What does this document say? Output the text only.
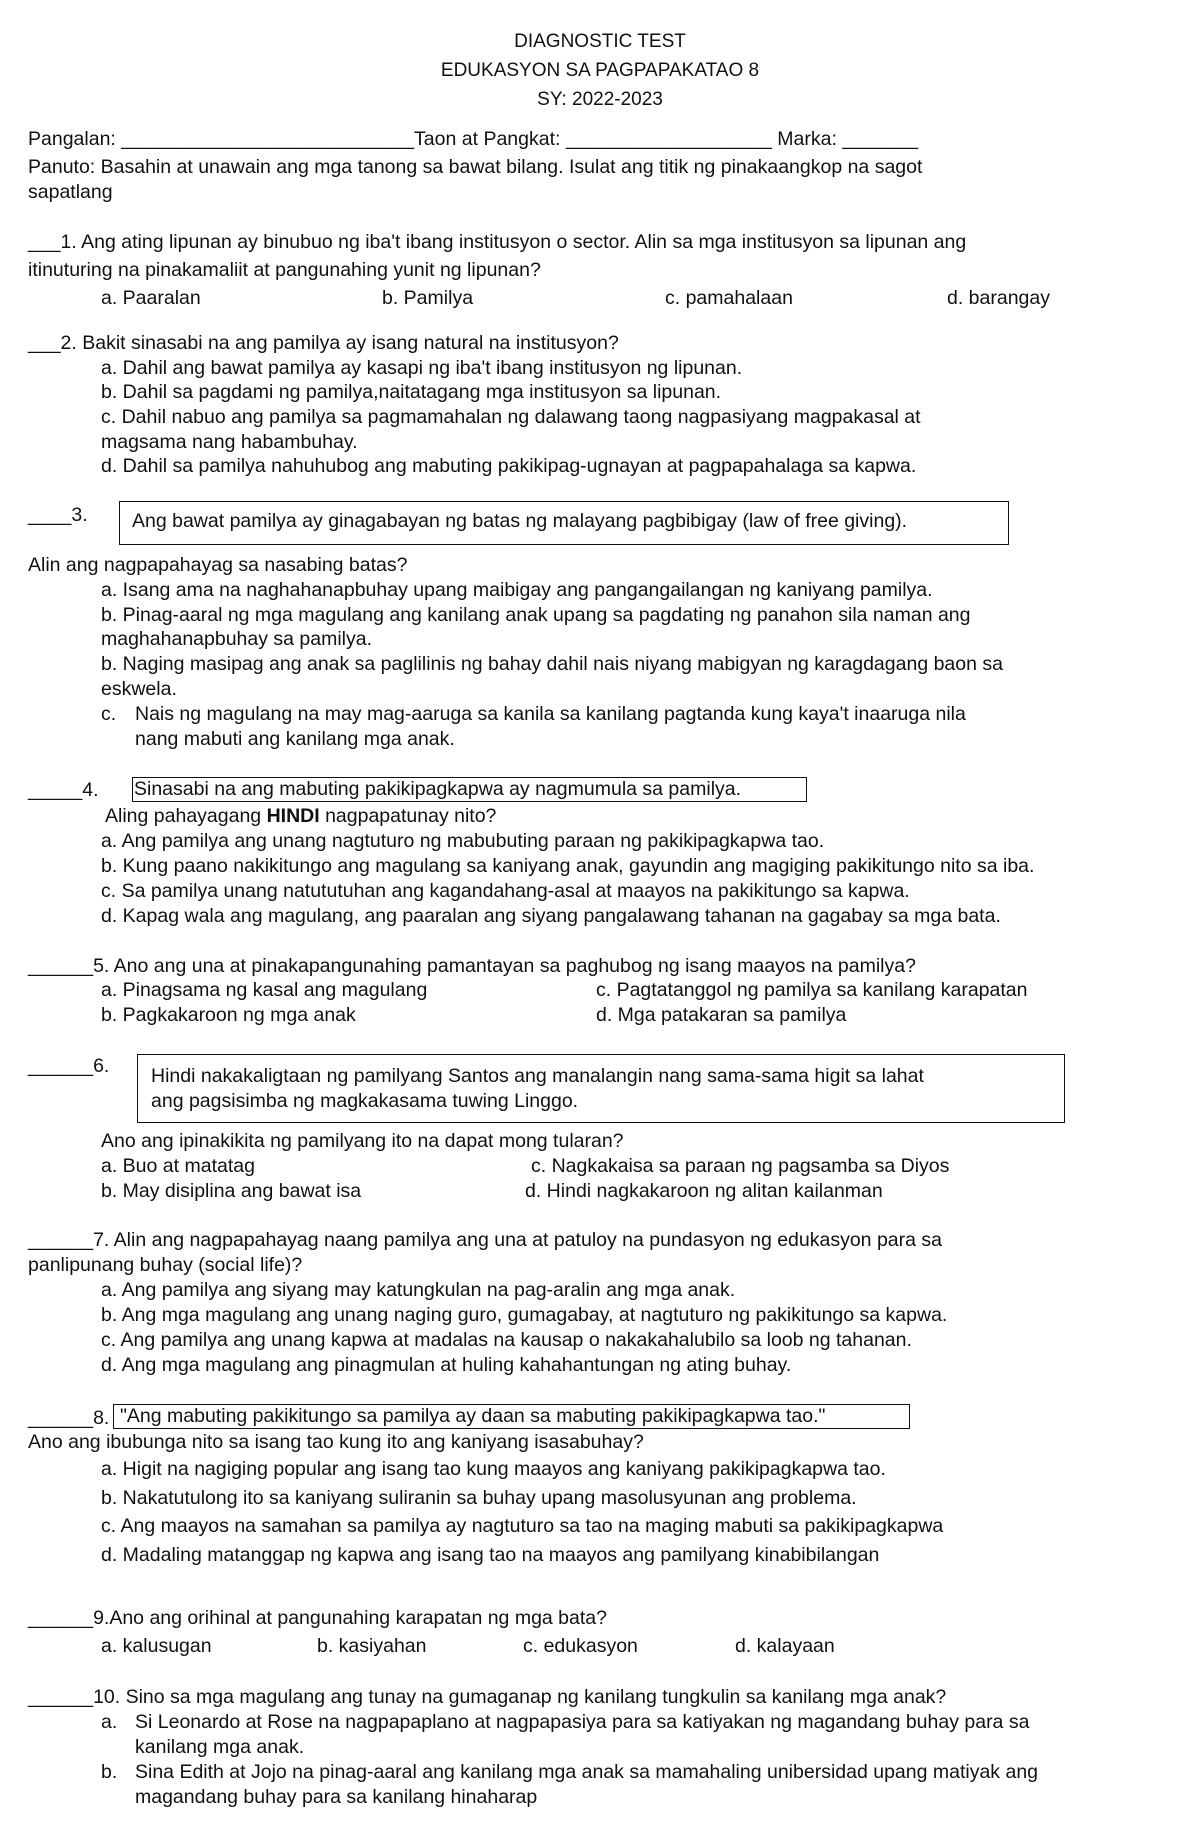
DIAGNOSTIC TEST
EDUKASYON SA PAGPAPAKATAO 8
SY: 2022-2023
Pangalan: ___________________________Taon at Pangkat: ___________________ Marka: _______
Panuto: Basahin at unawain ang mga tanong sa bawat bilang. Isulat ang titik ng pinakaangkop na sagot
sapatlang
___1. Ang ating lipunan ay binubuo ng iba't ibang institusyon o sector. Alin sa mga institusyon sa lipunan ang
itinuturing na pinakamaliit at pangunahing yunit ng lipunan?
a. Paaralan	b. Pamilya	c. pamahalaan	d. barangay
___2. Bakit sinasabi na ang pamilya ay isang natural na institusyon?
a. Dahil ang bawat pamilya ay kasapi ng iba't ibang institusyon ng lipunan.
b. Dahil sa pagdami ng pamilya,naitatagang mga institusyon sa lipunan.
c. Dahil nabuo ang pamilya sa pagmamahalan ng dalawang taong nagpasiyang magpakasal at
magsama nang habambuhay.
d. Dahil sa pamilya nahuhubog ang mabuting pakikipag-ugnayan at pagpapahalaga sa kapwa.
____3. Ang bawat pamilya ay ginagabayan ng batas ng malayang pagbibigay (law of free giving).
Alin ang nagpapahayag sa nasabing batas?
a. Isang ama na naghahanapbuhay upang maibigay ang pangangailangan ng kaniyang pamilya.
b. Pinag-aaral ng mga magulang ang kanilang anak upang sa pagdating ng panahon sila naman ang
maghahanapbuhay sa pamilya.
b. Naging masipag ang anak sa paglilinis ng bahay dahil nais niyang mabigyan ng karagdagang baon sa
eskwela.
c. Nais ng magulang na may mag-aaruga sa kanila sa kanilang pagtanda kung kaya't inaaruga nila
nang mabuti ang kanilang mga anak.
_____4. Sinasabi na ang mabuting pakikipagkapwa ay nagmumula sa pamilya.
Aling pahayagang HINDI nagpapatunay nito?
a. Ang pamilya ang unang nagtuturo ng mabubuting paraan ng pakikipagkapwa tao.
b. Kung paano nakikitungo ang magulang sa kaniyang anak, gayundin ang magiging pakikitungo nito sa iba.
c. Sa pamilya unang natututuhan ang kagandahang-asal at maayos na pakikitungo sa kapwa.
d. Kapag wala ang magulang, ang paaralan ang siyang pangalawang tahanan na gagabay sa mga bata.
______5. Ano ang una at pinakapangunahing pamantayan sa paghubog ng isang maayos na pamilya?
a. Pinagsama ng kasal ang magulang	c. Pagtatanggol ng pamilya sa kanilang karapatan
b. Pagkakaroon ng mga anak	d. Mga patakaran sa pamilya
______6. Hindi nakakaligtaan ng pamilyang Santos ang manalangin nang sama-sama higit sa lahat
ang pagsisimba ng magkakasama tuwing Linggo.
Ano ang ipinakikita ng pamilyang ito na dapat mong tularan?
a. Buo at matatag	c. Nagkakaisa sa paraan ng pagsamba sa Diyos
b. May disiplina ang bawat isa	d. Hindi nagkakaroon ng alitan kailanman
______7. Alin ang nagpapahayag naang pamilya ang una at patuloy na pundasyon ng edukasyon para sa
panlipunang buhay (social life)?
a. Ang pamilya ang siyang may katungkulan na pag-aralin ang mga anak.
b. Ang mga magulang ang unang naging guro, gumagabay, at nagtuturo ng pakikitungo sa kapwa.
c. Ang pamilya ang unang kapwa at madalas na kausap o nakakahalubilo sa loob ng tahanan.
d. Ang mga magulang ang pinagmulan at huling kahahantungan ng ating buhay.
______8. "Ang mabuting pakikitungo sa pamilya ay daan sa mabuting pakikipagkapwa tao."
Ano ang ibubunga nito sa isang tao kung ito ang kaniyang isasabuhay?
a. Higit na nagiging popular ang isang tao kung maayos ang kaniyang pakikipagkapwa tao.
b. Nakatutulong ito sa kaniyang suliranin sa buhay upang masolusyunan ang problema.
c. Ang maayos na samahan sa pamilya ay nagtuturo sa tao na maging mabuti sa pakikipagkapwa
d. Madaling matanggap ng kapwa ang isang tao na maayos ang pamilyang kinabibilangan
______9.Ano ang orihinal at pangunahing karapatan ng mga bata?
a. kalusugan	b. kasiyahan	c. edukasyon	d. kalayaan
______10. Sino sa mga magulang ang tunay na gumaganap ng kanilang tungkulin sa kanilang mga anak?
a. Si Leonardo at Rose na nagpapaplano at nagpapasiya para sa katiyakan ng magandang buhay para sa
kanilang mga anak.
b. Sina Edith at Jojo na pinag-aaral ang kanilang mga anak sa mamahaling unibersidad upang matiyak ang
magandang buhay para sa kanilang hinaharap
